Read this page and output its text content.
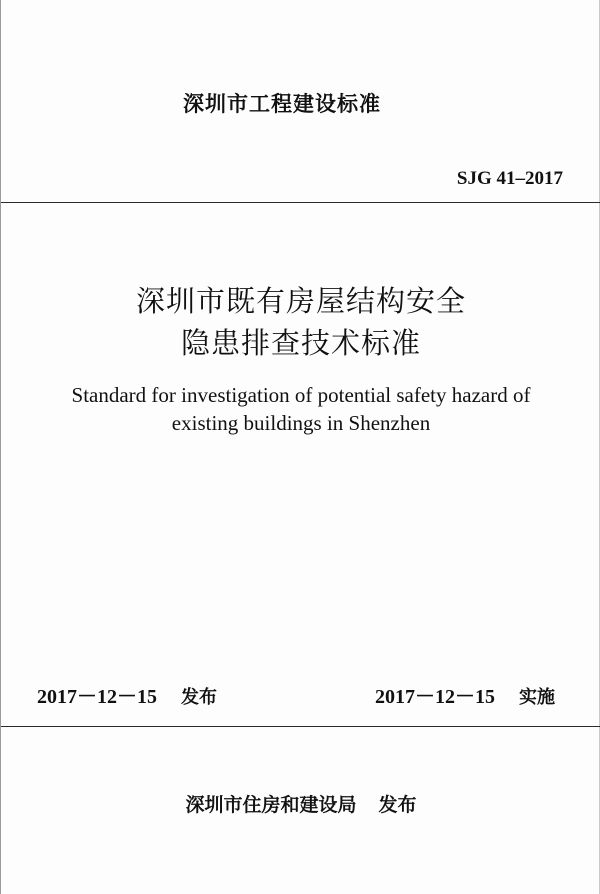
深圳市工程建设标准
SJG 41–2017
深圳市既有房屋结构安全
隐患排查技术标准
Standard for investigation of potential safety hazard of
existing buildings in Shenzhen
2017－12－15 发布	2017－12－15 实施
深圳市住房和建设局 发布
